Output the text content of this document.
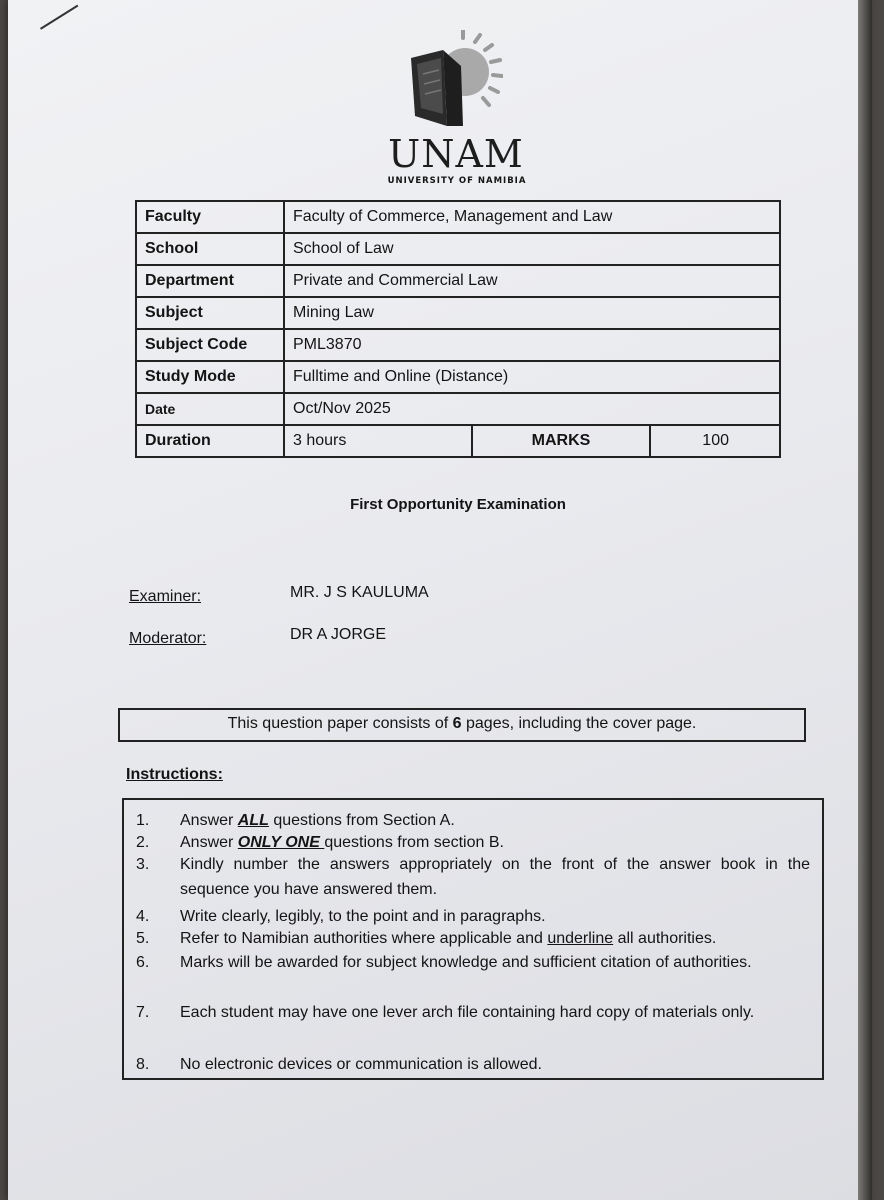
UNAM
UNIVERSITY OF NAMIBIA
Faculty	Faculty of Commerce, Management and Law		
School	School of Law		
Department	Private and Commercial Law		
Subject	Mining Law		
Subject Code	PML3870		
Study Mode	Fulltime and Online (Distance)		
Date	Oct/Nov 2025		
Duration	3 hours	MARKS	100
First Opportunity Examination
Examiner:	MR. J S KAULUMA
Moderator:	DR A JORGE
This question paper consists of 6 pages, including the cover page.
Instructions:
1. Answer ALL questions from Section A.
2. Answer ONLY ONE questions from section B.
3. Kindly number the answers appropriately on the front of the answer book in the sequence you have answered them.
4. Write clearly, legibly, to the point and in paragraphs.
5. Refer to Namibian authorities where applicable and underline all authorities.
6. Marks will be awarded for subject knowledge and sufficient citation of authorities.
7. Each student may have one lever arch file containing hard copy of materials only.
8. No electronic devices or communication is allowed.
